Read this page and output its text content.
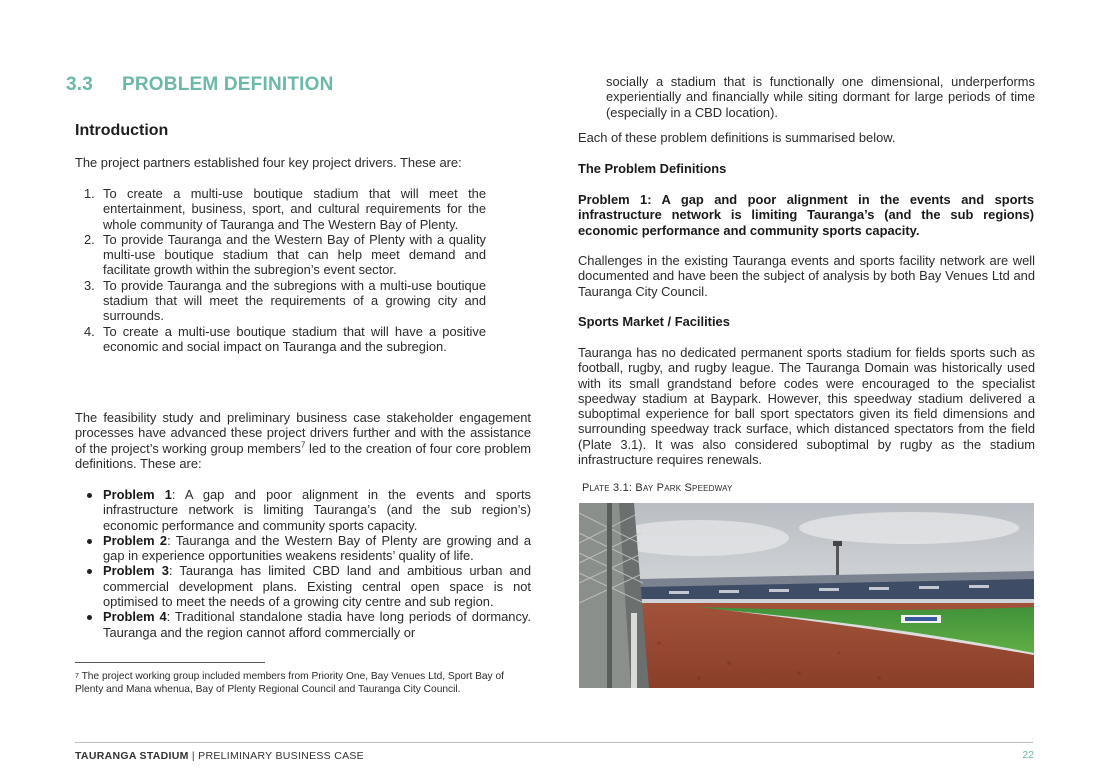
3.3 PROBLEM DEFINITION
Introduction

The project partners established four key project drivers. These are:

1. To create a multi-use boutique stadium that will meet the entertainment, business, sport, and cultural requirements for the whole community of Tauranga and The Western Bay of Plenty.
2. To provide Tauranga and the Western Bay of Plenty with a quality multi-use boutique stadium that can help meet demand and facilitate growth within the subregion’s event sector.
3. To provide Tauranga and the subregions with a multi-use boutique stadium that will meet the requirements of a growing city and surrounds.
4. To create a multi-use boutique stadium that will have a positive economic and social impact on Tauranga and the subregion.

The feasibility study and preliminary business case stakeholder engagement processes have advanced these project drivers further and with the assistance of the project’s working group members$^7$ led to the creation of four core problem definitions. These are:

Problem 1: A gap and poor alignment in the events and sports infrastructure network is limiting Tauranga’s (and the sub region’s) economic performance and community sports capacity.
Problem 2: Tauranga and the Western Bay of Plenty are growing and a gap in experience opportunities weakens residents’ quality of life.
Problem 3: Tauranga has limited CBD land and ambitious urban and commercial development plans. Existing central open space is not optimised to meet the needs of a growing city centre and sub region.
Problem 4: Traditional standalone stadia have long periods of dormancy. Tauranga and the region cannot afford commercially or

$^7$ The project working group included members from Priority One, Bay Venues Ltd, Sport Bay of Plenty and Mana whenua, Bay of Plenty Regional Council and Tauranga City Council.

socially a stadium that is functionally one dimensional, underperforms experientially and financially while siting dormant for large periods of time (especially in a CBD location).

Each of these problem definitions is summarised below.

The Problem Definitions

Problem 1: A gap and poor alignment in the events and sports infrastructure network is limiting Tauranga’s (and the sub regions) economic performance and community sports capacity.

Challenges in the existing Tauranga events and sports facility network are well documented and have been the subject of analysis by both Bay Venues Ltd and Tauranga City Council.

Sports Market / Facilities

Tauranga has no dedicated permanent sports stadium for fields sports such as football, rugby, and rugby league. The Tauranga Domain was historically used with its small grandstand before codes were encouraged to the specialist speedway stadium at Baypark. However, this speedway stadium delivered a suboptimal experience for ball sport spectators given its field dimensions and surrounding speedway track surface, which distanced spectators from the field (Plate 3.1). It was also considered suboptimal by rugby as the stadium infrastructure requires renewals.

Plate 3.1: Bay Park Speedway

TAURANGA STADIUM | PRELIMINARY BUSINESS CASE	22
